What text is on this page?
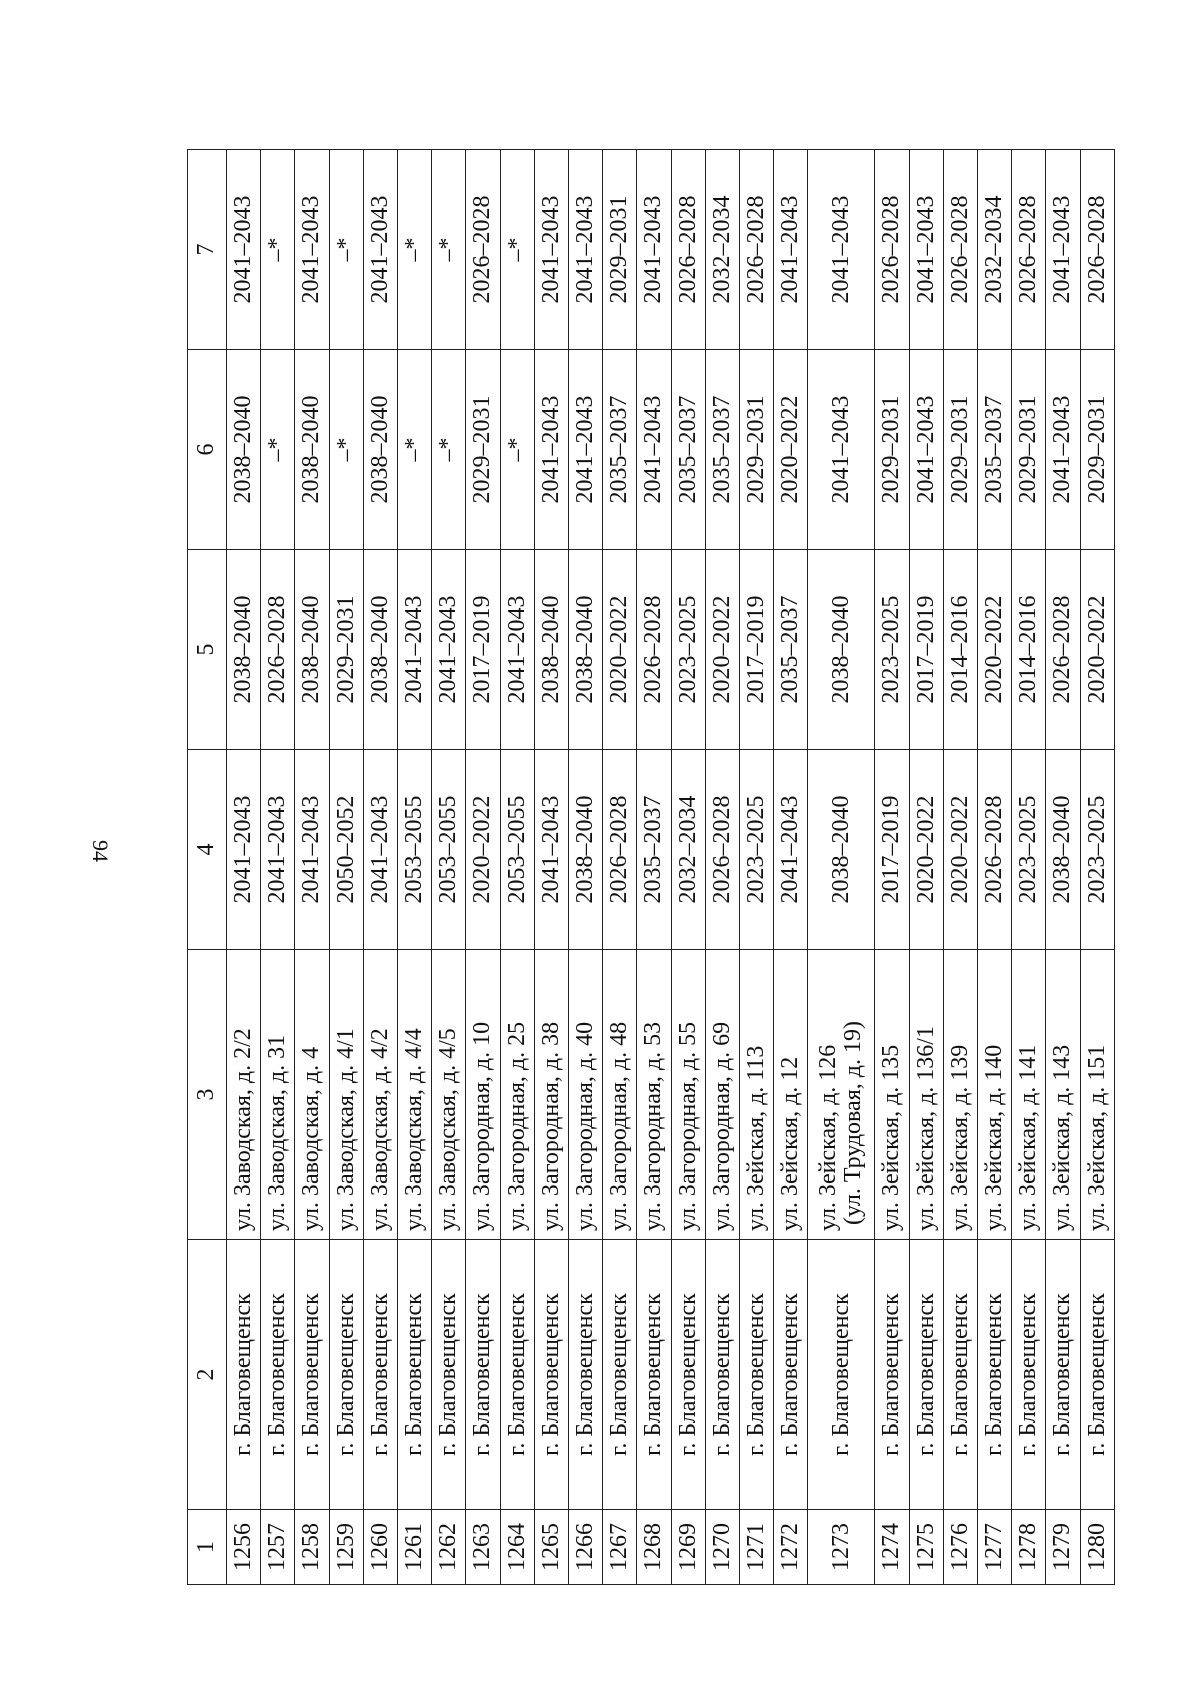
94
1	2	3	4	5	6	7
1256	г. Благовещенск	ул. Заводская, д. 2/2	2041–2043	2038–2040	2038–2040	2041–2043
1257	г. Благовещенск	ул. Заводская, д. 31	2041–2043	2026–2028	–*	–*
1258	г. Благовещенск	ул. Заводская, д. 4	2041–2043	2038–2040	2038–2040	2041–2043
1259	г. Благовещенск	ул. Заводская, д. 4/1	2050–2052	2029–2031	–*	–*
1260	г. Благовещенск	ул. Заводская, д. 4/2	2041–2043	2038–2040	2038–2040	2041–2043
1261	г. Благовещенск	ул. Заводская, д. 4/4	2053–2055	2041–2043	–*	–*
1262	г. Благовещенск	ул. Заводская, д. 4/5	2053–2055	2041–2043	–*	–*
1263	г. Благовещенск	ул. Загородная, д. 10	2020–2022	2017–2019	2029–2031	2026–2028
1264	г. Благовещенск	ул. Загородная, д. 25	2053–2055	2041–2043	–*	–*
1265	г. Благовещенск	ул. Загородная, д. 38	2041–2043	2038–2040	2041–2043	2041–2043
1266	г. Благовещенск	ул. Загородная, д. 40	2038–2040	2038–2040	2041–2043	2041–2043
1267	г. Благовещенск	ул. Загородная, д. 48	2026–2028	2020–2022	2035–2037	2029–2031
1268	г. Благовещенск	ул. Загородная, д. 53	2035–2037	2026–2028	2041–2043	2041–2043
1269	г. Благовещенск	ул. Загородная, д. 55	2032–2034	2023–2025	2035–2037	2026–2028
1270	г. Благовещенск	ул. Загородная, д. 69	2026–2028	2020–2022	2035–2037	2032–2034
1271	г. Благовещенск	ул. Зейская, д. 113	2023–2025	2017–2019	2029–2031	2026–2028
1272	г. Благовещенск	ул. Зейская, д. 12	2041–2043	2035–2037	2020–2022	2041–2043
1273	г. Благовещенск	ул. Зейская, д. 126 (ул. Трудовая, д. 19)	2038–2040	2038–2040	2041–2043	2041–2043
1274	г. Благовещенск	ул. Зейская, д. 135	2017–2019	2023–2025	2029–2031	2026–2028
1275	г. Благовещенск	ул. Зейская, д. 136/1	2020–2022	2017–2019	2041–2043	2041–2043
1276	г. Благовещенск	ул. Зейская, д. 139	2020–2022	2014–2016	2029–2031	2026–2028
1277	г. Благовещенск	ул. Зейская, д. 140	2026–2028	2020–2022	2035–2037	2032–2034
1278	г. Благовещенск	ул. Зейская, д. 141	2023–2025	2014–2016	2029–2031	2026–2028
1279	г. Благовещенск	ул. Зейская, д. 143	2038–2040	2026–2028	2041–2043	2041–2043
1280	г. Благовещенск	ул. Зейская, д. 151	2023–2025	2020–2022	2029–2031	2026–2028
